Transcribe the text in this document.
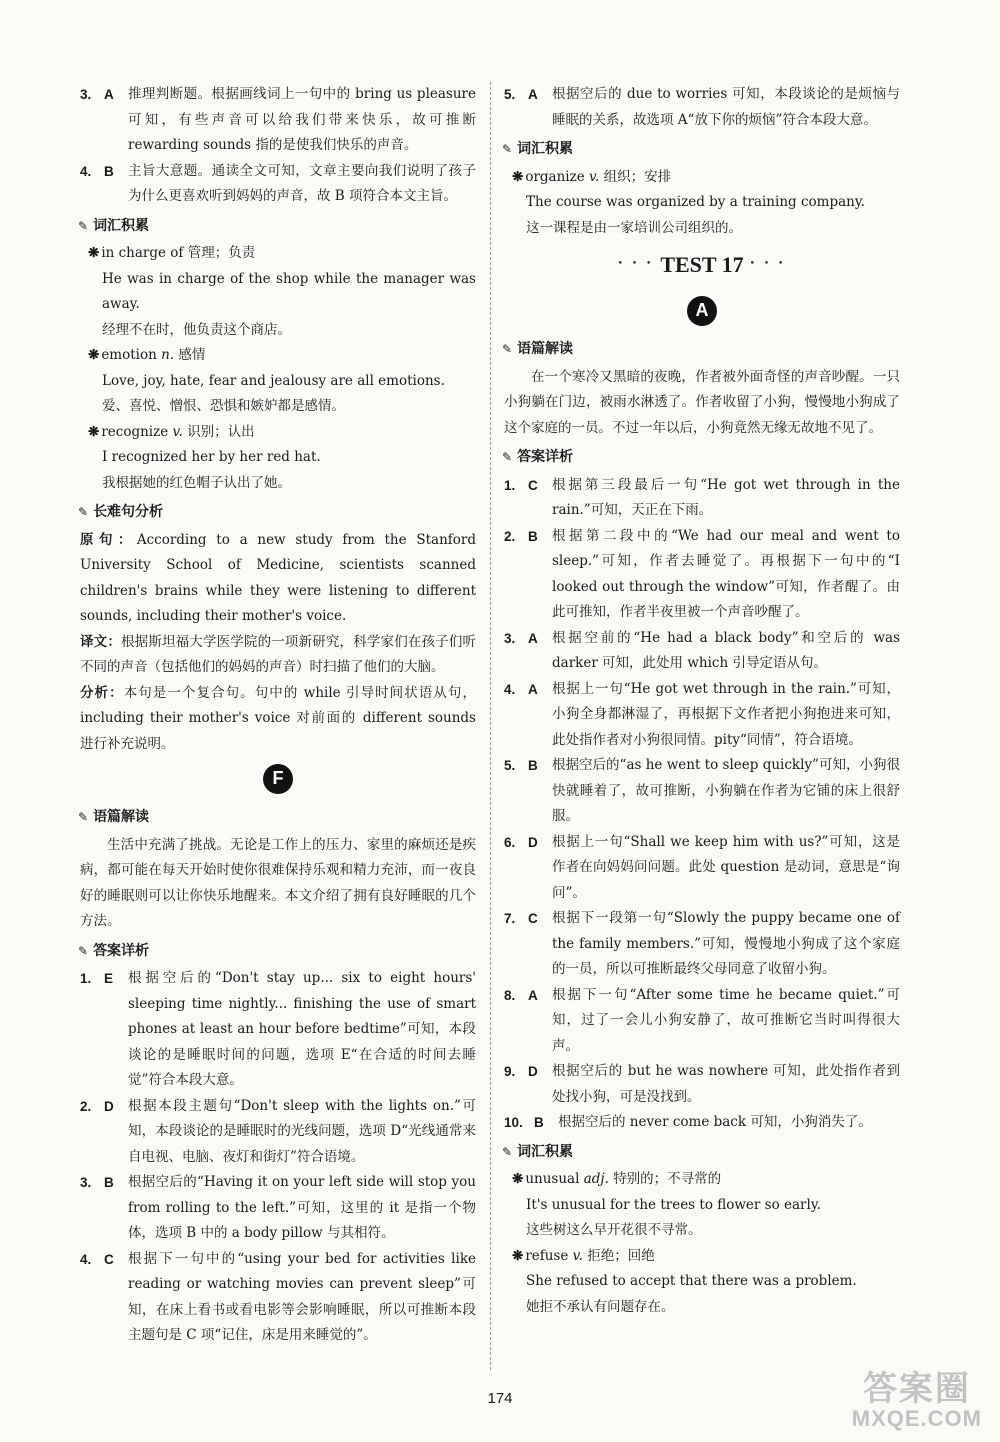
3. A	推理判断题。根据画线词上一句中的 bring us pleasure 可知，有些声音可以给我们带来快乐，故可推断 rewarding sounds 指的是使我们快乐的声音。
4. B	主旨大意题。通读全文可知，文章主要向我们说明了孩子为什么更喜欢听到妈妈的声音，故 B 项符合本文主旨。
✎ 词汇积累
❋ in charge of 管理；负责
He was in charge of the shop while the manager was away.
经理不在时，他负责这个商店。
❋ emotion n. 感情
Love, joy, hate, fear and jealousy are all emotions.
爱、喜悦、憎恨、恐惧和嫉妒都是感情。
❋ recognize v. 识别；认出
I recognized her by her red hat.
我根据她的红色帽子认出了她。
✎ 长难句分析
原句：According to a new study from the Stanford University School of Medicine, scientists scanned children's brains while they were listening to different sounds, including their mother's voice.
译文：根据斯坦福大学医学院的一项新研究，科学家们在孩子们听不同的声音（包括他们的妈妈的声音）时扫描了他们的大脑。
分析：本句是一个复合句。句中的 while 引导时间状语从句，including their mother's voice 对前面的 different sounds 进行补充说明。
F
✎ 语篇解读
生活中充满了挑战。无论是工作上的压力、家里的麻烦还是疾病，都可能在每天开始时使你很难保持乐观和精力充沛，而一夜良好的睡眠则可以让你快乐地醒来。本文介绍了拥有良好睡眠的几个方法。
✎ 答案详析
1. E	根据空后的“Don't stay up... six to eight hours' sleeping time nightly... finishing the use of smart phones at least an hour before bedtime”可知，本段谈论的是睡眠时间的问题，选项 E“在合适的时间去睡觉”符合本段大意。
2. D	根据本段主题句“Don't sleep with the lights on.”可知，本段谈论的是睡眠时的光线问题，选项 D“光线通常来自电视、电脑、夜灯和街灯”符合语境。
3. B	根据空后的“Having it on your left side will stop you from rolling to the left.”可知，这里的 it 是指一个物体，选项 B 中的 a body pillow 与其相符。
4. C	根据下一句中的“using your bed for activities like reading or watching movies can prevent sleep”可知，在床上看书或看电影等会影响睡眠，所以可推断本段主题句是 C 项“记住，床是用来睡觉的”。
5. A	根据空后的 due to worries 可知，本段谈论的是烦恼与睡眠的关系，故选项 A“放下你的烦恼”符合本段大意。
✎ 词汇积累
❋ organize v. 组织；安排
The course was organized by a training company.
这一课程是由一家培训公司组织的。
• • • TEST 17 • • •
A
✎ 语篇解读
在一个寒冷又黑暗的夜晚，作者被外面奇怪的声音吵醒。一只小狗躺在门边，被雨水淋透了。作者收留了小狗，慢慢地小狗成了这个家庭的一员。不过一年以后，小狗竟然无缘无故地不见了。
✎ 答案详析
1. C	根据第三段最后一句“He got wet through in the rain.”可知，天正在下雨。
2. B	根据第二段中的“We had our meal and went to sleep.”可知，作者去睡觉了。再根据下一句中的“I looked out through the window”可知，作者醒了。由此可推知，作者半夜里被一个声音吵醒了。
3. A	根据空前的“He had a black body”和空后的 was darker 可知，此处用 which 引导定语从句。
4. A	根据上一句“He got wet through in the rain.”可知，小狗全身都淋湿了，再根据下文作者把小狗抱进来可知，此处指作者对小狗很同情。pity“同情”，符合语境。
5. B	根据空后的“as he went to sleep quickly”可知，小狗很快就睡着了，故可推断，小狗躺在作者为它铺的床上很舒服。
6. D	根据上一句“Shall we keep him with us?”可知，这是作者在向妈妈问问题。此处 question 是动词，意思是“询问”。
7. C	根据下一段第一句“Slowly the puppy became one of the family members.”可知，慢慢地小狗成了这个家庭的一员，所以可推断最终父母同意了收留小狗。
8. A	根据下一句“After some time he became quiet.”可知，过了一会儿小狗安静了，故可推断它当时叫得很大声。
9. D	根据空后的 but he was nowhere 可知，此处指作者到处找小狗，可是没找到。
10. B	根据空后的 never come back 可知，小狗消失了。
✎ 词汇积累
❋ unusual adj. 特别的；不寻常的
It's unusual for the trees to flower so early.
这些树这么早开花很不寻常。
❋ refuse v. 拒绝；回绝
She refused to accept that there was a problem.
她拒不承认有问题存在。
174	答案圈
MXQE.COM
